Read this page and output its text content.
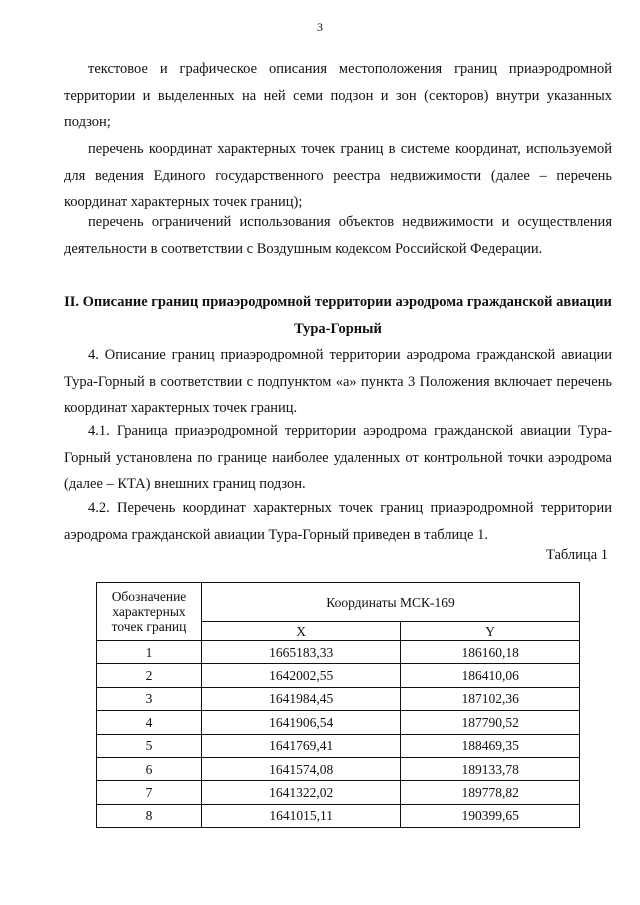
3

текстовое и графическое описания местоположения границ приаэродромной территории и выделенных на ней семи подзон и зон (секторов) внутри указанных подзон;

перечень координат характерных точек границ в системе координат, используемой для ведения Единого государственного реестра недвижимости (далее – перечень координат характерных точек границ);

перечень ограничений использования объектов недвижимости и осуществления деятельности в соответствии с Воздушным кодексом Российской Федерации.

II. Описание границ приаэродромной территории аэродрома гражданской авиации Тура-Горный

4. Описание границ приаэродромной территории аэродрома гражданской авиации Тура-Горный в соответствии с подпунктом «а» пункта 3 Положения включает перечень координат характерных точек границ.

4.1. Граница приаэродромной территории аэродрома гражданской авиации Тура-Горный установлена по границе наиболее удаленных от контрольной точки аэродрома (далее – КТА) внешних границ подзон.

4.2. Перечень координат характерных точек границ приаэродромной территории аэродрома гражданской авиации Тура-Горный приведен в таблице 1.

Таблица 1
Обозначение характерных точек границ	Координаты МСК-169	
	X	Y
1	1665183,33	186160,18
2	1642002,55	186410,06
3	1641984,45	187102,36
4	1641906,54	187790,52
5	1641769,41	188469,35
6	1641574,08	189133,78
7	1641322,02	189778,82
8	1641015,11	190399,65
